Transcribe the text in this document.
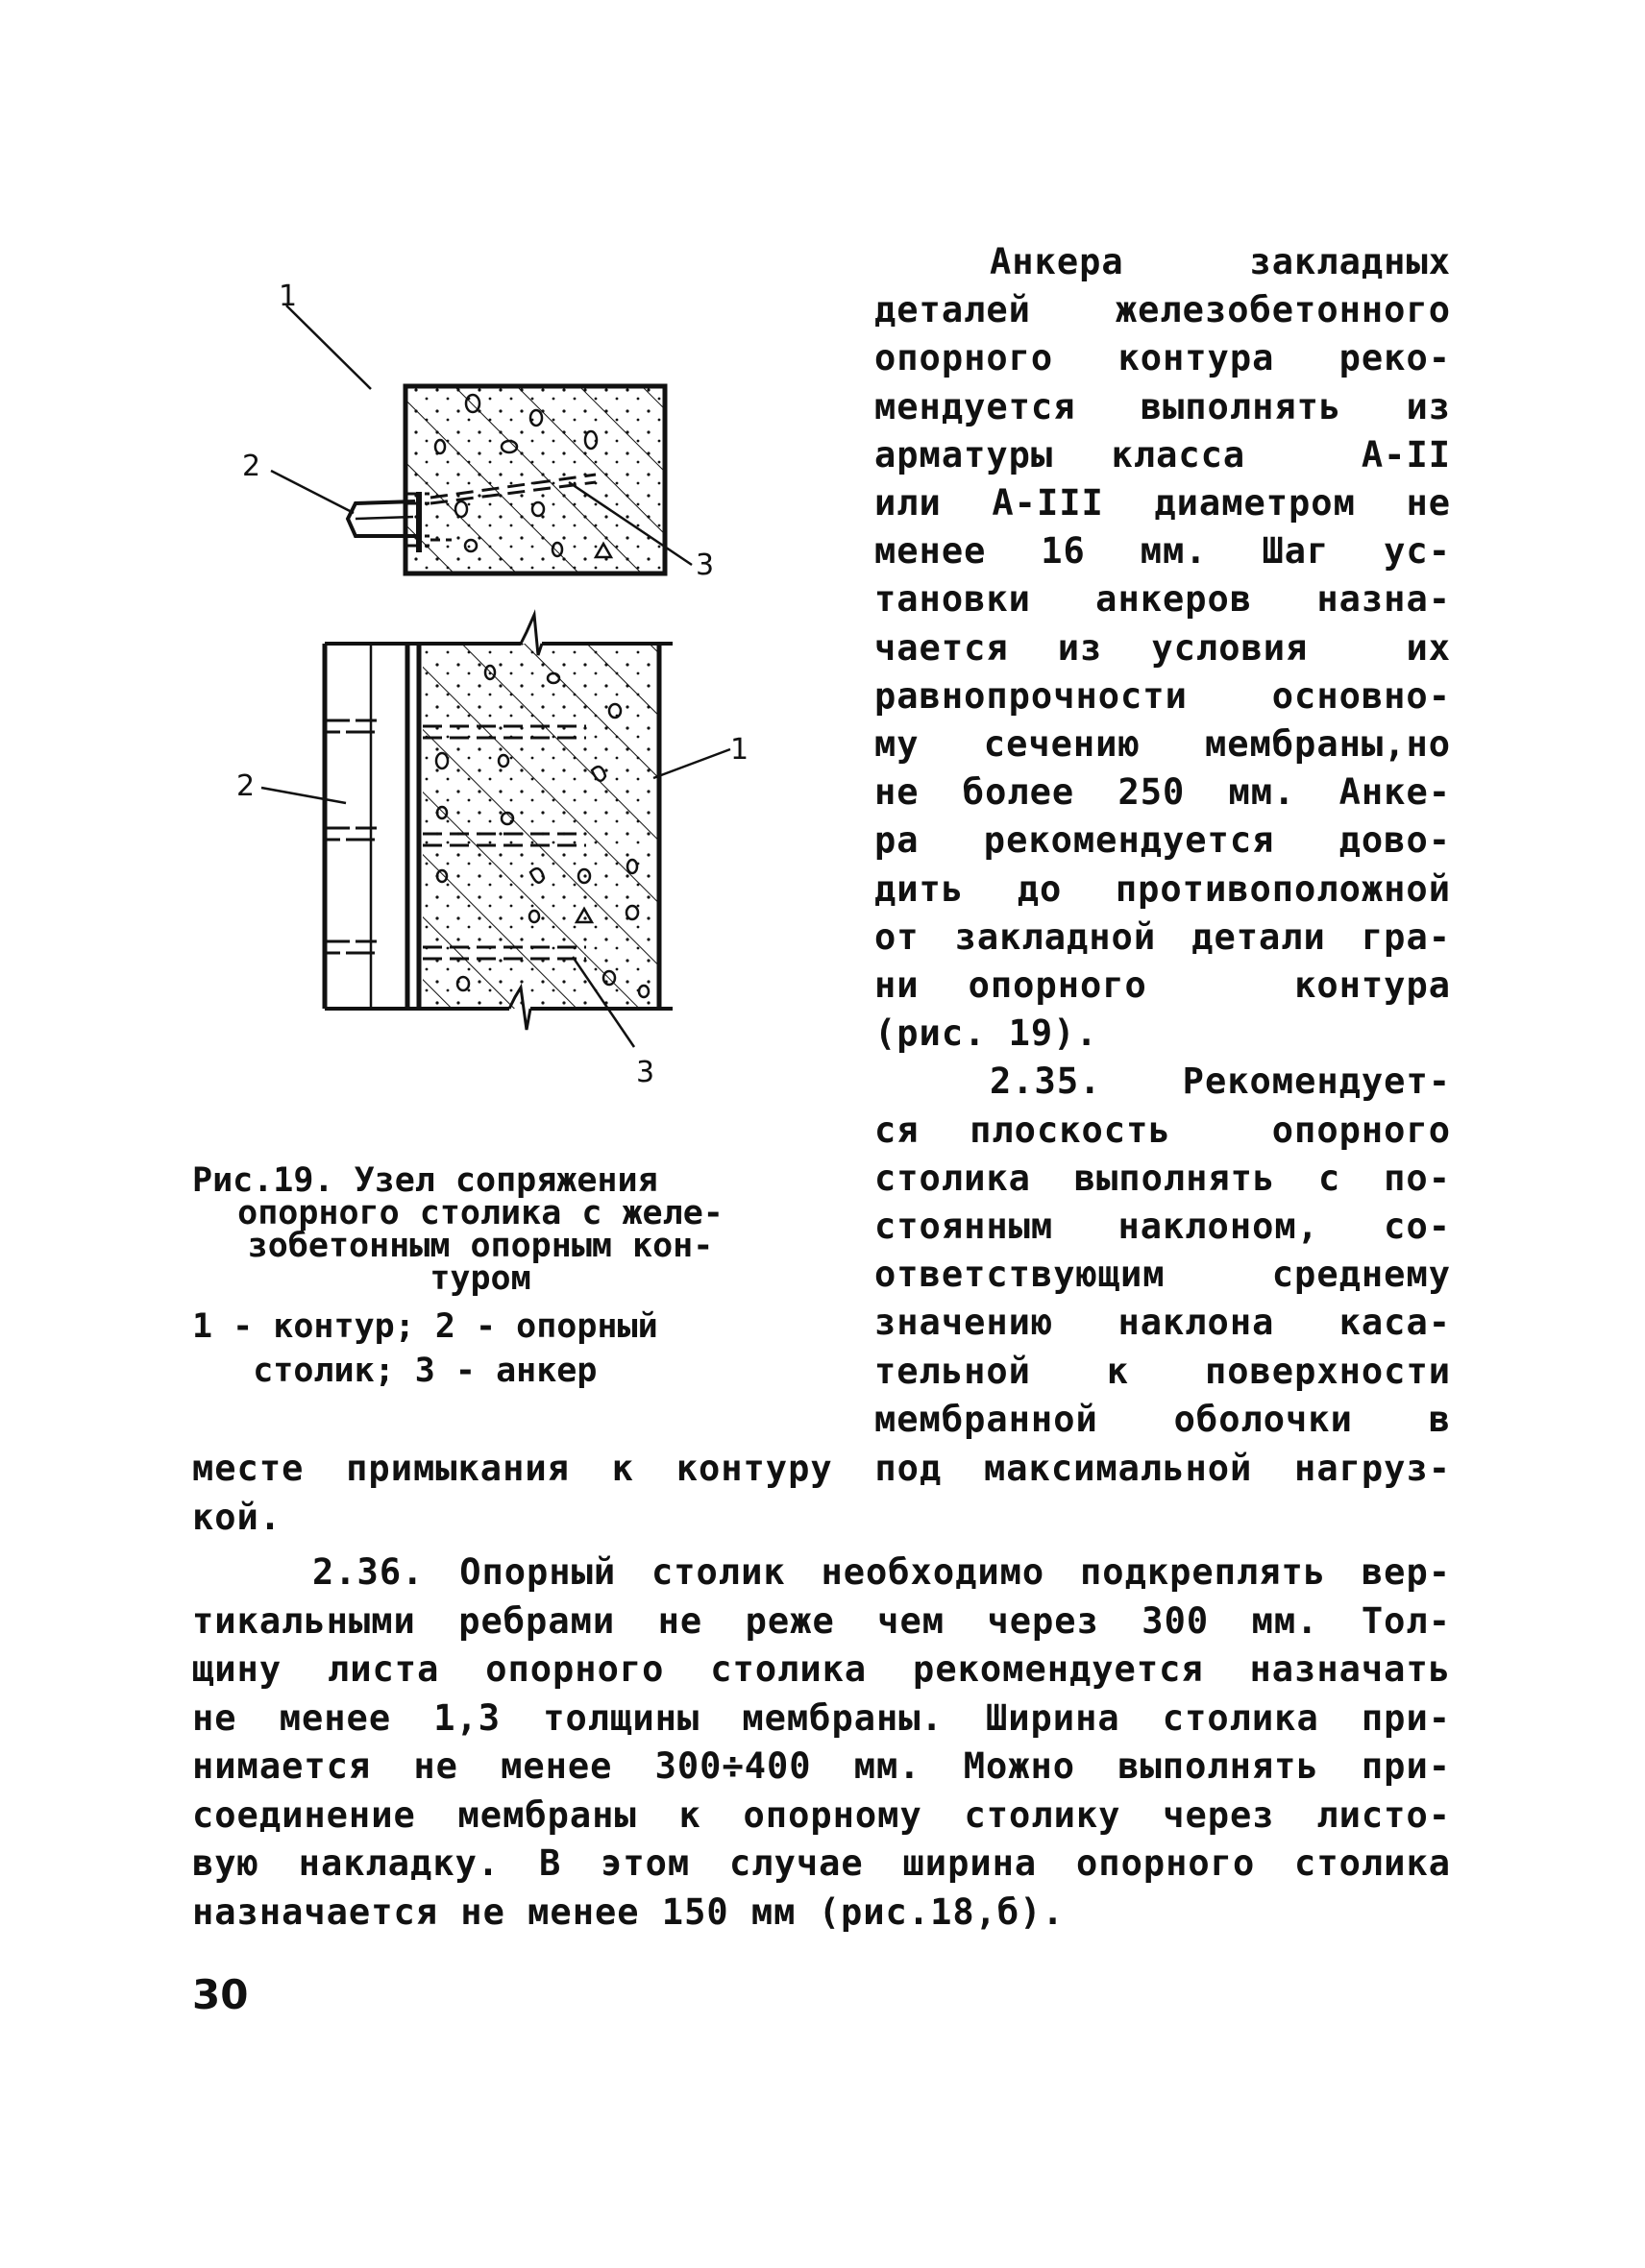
1
2
3
2
1
3
Анкера закладных
деталей железобетонного
опорного контура реко-
мендуется выполнять из
арматуры класса  А-II
или А-III диаметром не
менее 16 мм. Шаг ус-
тановки анкеров назна-
чается из условия  их
равнопрочности основно-
му сечению мембраны,но
не более 250 мм. Анке-
ра рекомендуется дово-
дить до противоположной
от закладной детали гра-
ни опорного   контура
(рис. 19).
2.35. Рекомендует-
ся плоскость  опорного
столика выполнять с по-
стоянным наклоном, со-
ответствующим среднему
значению наклона каса-
тельной к поверхности
мембранной оболочки в
Рис.19. Узел сопряжения
опорного столика с желе-
зобетонным опорным кон-
туром
1 - контур; 2 - опорный
столик; 3 - анкер
месте примыкания к контуру под максимальной нагруз-
кой.
2.36. Опорный столик необходимо подкреплять вер-
тикальными ребрами не реже чем через 300 мм. Тол-
щину листа опорного столика рекомендуется назначать
не менее 1,3 толщины мембраны. Ширина столика при-
нимается не менее 300÷400 мм. Можно выполнять при-
соединение мембраны к опорному столику через листо-
вую накладку. В этом случае ширина опорного столика
назначается не менее 150 мм (рис.18,б).
30
